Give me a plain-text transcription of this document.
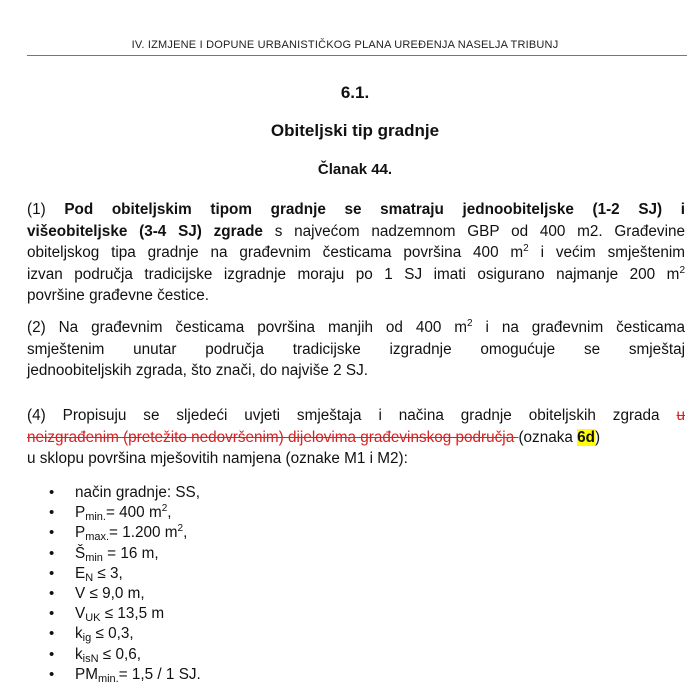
IV. IZMJENE I DOPUNE URBANISTIČKOG PLANA UREĐENJA NASELJA TRIBUNJ
6.1.
Obiteljski tip gradnje
Članak 44.
(1) Pod obiteljskim tipom gradnje se smatraju jednoobiteljske (1-2 SJ) i
višeobiteljske (3-4 SJ) zgrade s najvećom nadzemnom GBP od 400 m2. Građevine
obiteljskog tipa gradnje na građevnim česticama površina 400 $m^2$ i većim smještenim
izvan područja tradicijske izgradnje moraju po 1 SJ imati osigurano najmanje 200 $m^2$
površine građevne čestice.
(2) Na građevnim česticama površina manjih od 400 $m^2$ i na građevnim česticama
smještenim unutar područja tradicijske izgradnje omogućuje se smještaj
jednoobiteljskih zgrada, što znači, do najviše 2 SJ.
(4) Propisuju se sljedeći uvjeti smještaja i načina gradnje obiteljskih zgrada u
neizgrađenim (pretežito nedovršenim) dijelovima građevinskog područja (oznaka 6d)
u sklopu površina mješovitih namjena (oznake M1 i M2):
• način gradnje: SS,
• $P_{min.}= 400$ $m^2$,
• $P_{max.}= 1.200$ $m^2$,
• $Š_{min} = 16$ m,
• $E_N \le 3$,
• V ≤ 9,0 m,
• $V_{UK} \le 13,5$ m
• $k_{ig} \le 0,3$,
• $k_{isN} \le 0,6$,
• $PM_{min.}= 1,5 / 1$ SJ.
